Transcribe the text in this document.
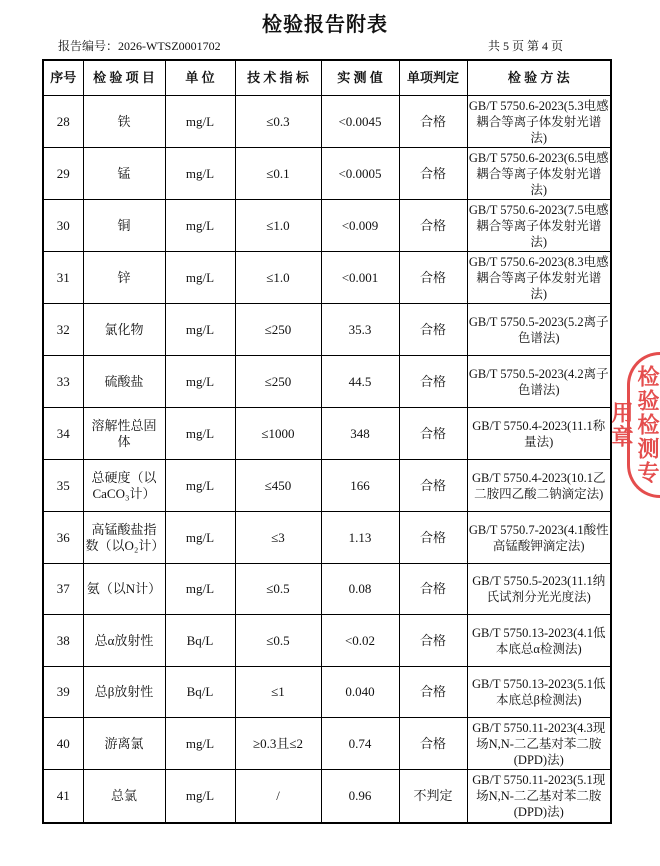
检验报告附表
报告编号：2026-WTSZ0001702	共 5 页 第 4 页
序号	检 验 项 目	单 位	技 术 指 标	实 测 值	单项判定	检 验 方 法
28	铁	mg/L	≤0.3	<0.0045	合格	GB/T 5750.6-2023(5.3电感耦合等离子体发射光谱法)
29	锰	mg/L	≤0.1	<0.0005	合格	GB/T 5750.6-2023(6.5电感耦合等离子体发射光谱法)
30	铜	mg/L	≤1.0	<0.009	合格	GB/T 5750.6-2023(7.5电感耦合等离子体发射光谱法)
31	锌	mg/L	≤1.0	<0.001	合格	GB/T 5750.6-2023(8.3电感耦合等离子体发射光谱法)
32	氯化物	mg/L	≤250	35.3	合格	GB/T 5750.5-2023(5.2离子色谱法)
33	硫酸盐	mg/L	≤250	44.5	合格	GB/T 5750.5-2023(4.2离子色谱法)
34	溶解性总固体	mg/L	≤1000	348	合格	GB/T 5750.4-2023(11.1称量法)
35	总硬度（以CaCO₃计）	mg/L	≤450	166	合格	GB/T 5750.4-2023(10.1乙二胺四乙酸二钠滴定法)
36	高锰酸盐指数（以O₂计）	mg/L	≤3	1.13	合格	GB/T 5750.7-2023(4.1酸性高锰酸钾滴定法)
37	氨（以N计）	mg/L	≤0.5	0.08	合格	GB/T 5750.5-2023(11.1纳氏试剂分光光度法)
38	总α放射性	Bq/L	≤0.5	<0.02	合格	GB/T 5750.13-2023(4.1低本底总α检测法)
39	总β放射性	Bq/L	≤1	0.040	合格	GB/T 5750.13-2023(5.1低本底总β检测法)
40	游离氯	mg/L	≥0.3且≤2	0.74	合格	GB/T 5750.11-2023(4.3现场N,N-二乙基对苯二胺(DPD)法)
41	总氯	mg/L	/	0.96	不判定	GB/T 5750.11-2023(5.1现场N,N-二乙基对苯二胺(DPD)法)
检验检测专用章
